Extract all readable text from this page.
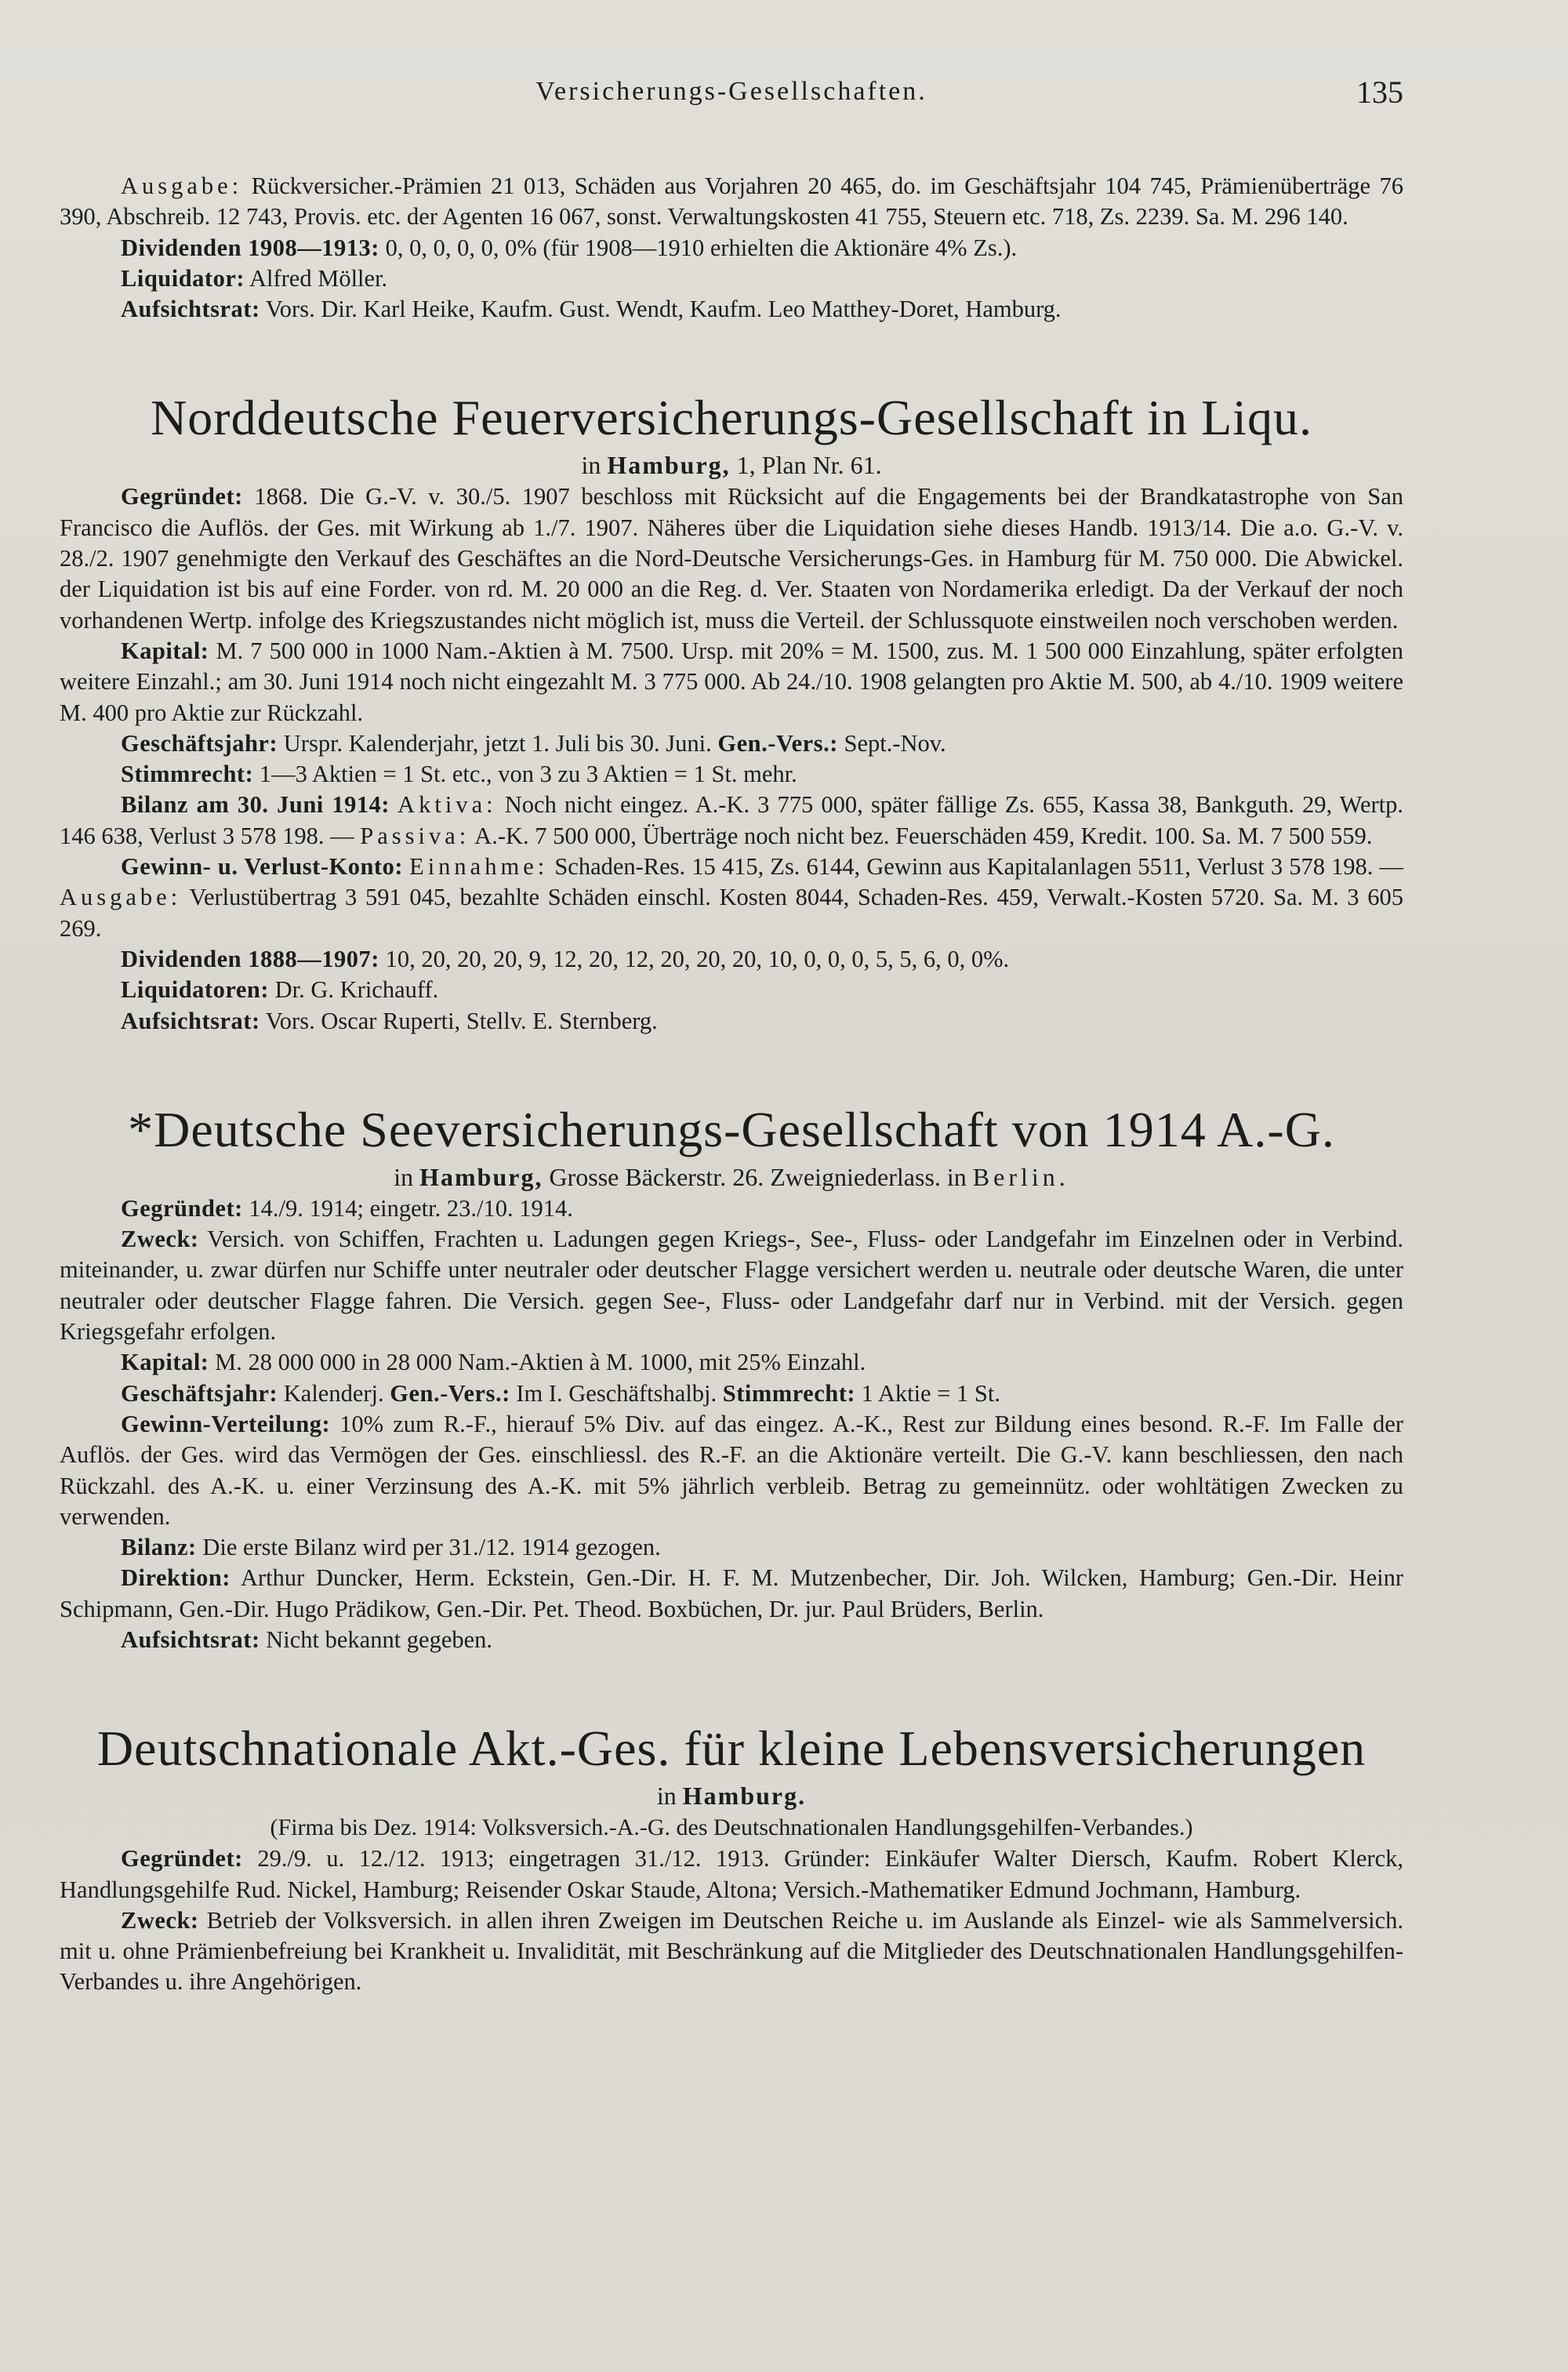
Versicherungs-Gesellschaften.	135

Ausgabe: Rückversicher.-Prämien 21 013, Schäden aus Vorjahren 20 465, do. im Geschäftsjahr 104 745, Prämienüberträge 76 390, Abschreib. 12 743, Provis. etc. der Agenten 16 067, sonst. Verwaltungskosten 41 755, Steuern etc. 718, Zs. 2239. Sa. M. 296 140.

Dividenden 1908—1913: 0, 0, 0, 0, 0, 0% (für 1908—1910 erhielten die Aktionäre 4% Zs.).

Liquidator: Alfred Möller.

Aufsichtsrat: Vors. Dir. Karl Heike, Kaufm. Gust. Wendt, Kaufm. Leo Matthey-Doret, Hamburg.

Norddeutsche Feuerversicherungs-Gesellschaft in Liqu.

in Hamburg, 1, Plan Nr. 61.

Gegründet: 1868. Die G.-V. v. 30./5. 1907 beschloss mit Rücksicht auf die Engagements bei der Brandkatastrophe von San Francisco die Auflös. der Ges. mit Wirkung ab 1./7. 1907. Näheres über die Liquidation siehe dieses Handb. 1913/14. Die a.o. G.-V. v. 28./2. 1907 genehmigte den Verkauf des Geschäftes an die Nord-Deutsche Versicherungs-Ges. in Hamburg für M. 750 000. Die Abwickel. der Liquidation ist bis auf eine Forder. von rd. M. 20 000 an die Reg. d. Ver. Staaten von Nordamerika erledigt. Da der Verkauf der noch vorhandenen Wertp. infolge des Kriegszustandes nicht möglich ist, muss die Verteil. der Schlussquote einstweilen noch verschoben werden.

Kapital: M. 7 500 000 in 1000 Nam.-Aktien à M. 7500. Ursp. mit 20% = M. 1500, zus. M. 1 500 000 Einzahlung, später erfolgten weitere Einzahl.; am 30. Juni 1914 noch nicht eingezahlt M. 3 775 000. Ab 24./10. 1908 gelangten pro Aktie M. 500, ab 4./10. 1909 weitere M. 400 pro Aktie zur Rückzahl.

Geschäftsjahr: Urspr. Kalenderjahr, jetzt 1. Juli bis 30. Juni. Gen.-Vers.: Sept.-Nov.

Stimmrecht: 1—3 Aktien = 1 St. etc., von 3 zu 3 Aktien = 1 St. mehr.

Bilanz am 30. Juni 1914: Aktiva: Noch nicht eingez. A.-K. 3 775 000, später fällige Zs. 655, Kassa 38, Bankguth. 29, Wertp. 146 638, Verlust 3 578 198. — Passiva: A.-K. 7 500 000, Überträge noch nicht bez. Feuerschäden 459, Kredit. 100. Sa. M. 7 500 559.

Gewinn- u. Verlust-Konto: Einnahme: Schaden-Res. 15 415, Zs. 6144, Gewinn aus Kapitalanlagen 5511, Verlust 3 578 198. — Ausgabe: Verlustübertrag 3 591 045, bezahlte Schäden einschl. Kosten 8044, Schaden-Res. 459, Verwalt.-Kosten 5720. Sa. M. 3 605 269.

Dividenden 1888—1907: 10, 20, 20, 20, 9, 12, 20, 12, 20, 20, 20, 10, 0, 0, 0, 5, 5, 6, 0, 0%.

Liquidatoren: Dr. G. Krichauff.

Aufsichtsrat: Vors. Oscar Ruperti, Stellv. E. Sternberg.

*Deutsche Seeversicherungs-Gesellschaft von 1914 A.-G.

in Hamburg, Grosse Bäckerstr. 26. Zweigniederlass. in Berlin.

Gegründet: 14./9. 1914; eingetr. 23./10. 1914.

Zweck: Versich. von Schiffen, Frachten u. Ladungen gegen Kriegs-, See-, Fluss- oder Landgefahr im Einzelnen oder in Verbind. miteinander, u. zwar dürfen nur Schiffe unter neutraler oder deutscher Flagge versichert werden u. neutrale oder deutsche Waren, die unter neutraler oder deutscher Flagge fahren. Die Versich. gegen See-, Fluss- oder Landgefahr darf nur in Verbind. mit der Versich. gegen Kriegsgefahr erfolgen.

Kapital: M. 28 000 000 in 28 000 Nam.-Aktien à M. 1000, mit 25% Einzahl.

Geschäftsjahr: Kalenderj. Gen.-Vers.: Im I. Geschäftshalbj. Stimmrecht: 1 Aktie = 1 St.

Gewinn-Verteilung: 10% zum R.-F., hierauf 5% Div. auf das eingez. A.-K., Rest zur Bildung eines besond. R.-F. Im Falle der Auflös. der Ges. wird das Vermögen der Ges. einschliessl. des R.-F. an die Aktionäre verteilt. Die G.-V. kann beschliessen, den nach Rückzahl. des A.-K. u. einer Verzinsung des A.-K. mit 5% jährlich verbleib. Betrag zu gemeinnütz. oder wohltätigen Zwecken zu verwenden.

Bilanz: Die erste Bilanz wird per 31./12. 1914 gezogen.

Direktion: Arthur Duncker, Herm. Eckstein, Gen.-Dir. H. F. M. Mutzenbecher, Dir. Joh. Wilcken, Hamburg; Gen.-Dir. Heinr Schipmann, Gen.-Dir. Hugo Prädikow, Gen.-Dir. Pet. Theod. Boxbüchen, Dr. jur. Paul Brüders, Berlin.

Aufsichtsrat: Nicht bekannt gegeben.

Deutschnationale Akt.-Ges. für kleine Lebensversicherungen

in Hamburg.

(Firma bis Dez. 1914: Volksversich.-A.-G. des Deutschnationalen Handlungsgehilfen-Verbandes.)

Gegründet: 29./9. u. 12./12. 1913; eingetragen 31./12. 1913. Gründer: Einkäufer Walter Diersch, Kaufm. Robert Klerck, Handlungsgehilfe Rud. Nickel, Hamburg; Reisender Oskar Staude, Altona; Versich.-Mathematiker Edmund Jochmann, Hamburg.

Zweck: Betrieb der Volksversich. in allen ihren Zweigen im Deutschen Reiche u. im Auslande als Einzel- wie als Sammelversich. mit u. ohne Prämienbefreiung bei Krankheit u. Invalidität, mit Beschränkung auf die Mitglieder des Deutschnationalen Handlungsgehilfen-Verbandes u. ihre Angehörigen.
